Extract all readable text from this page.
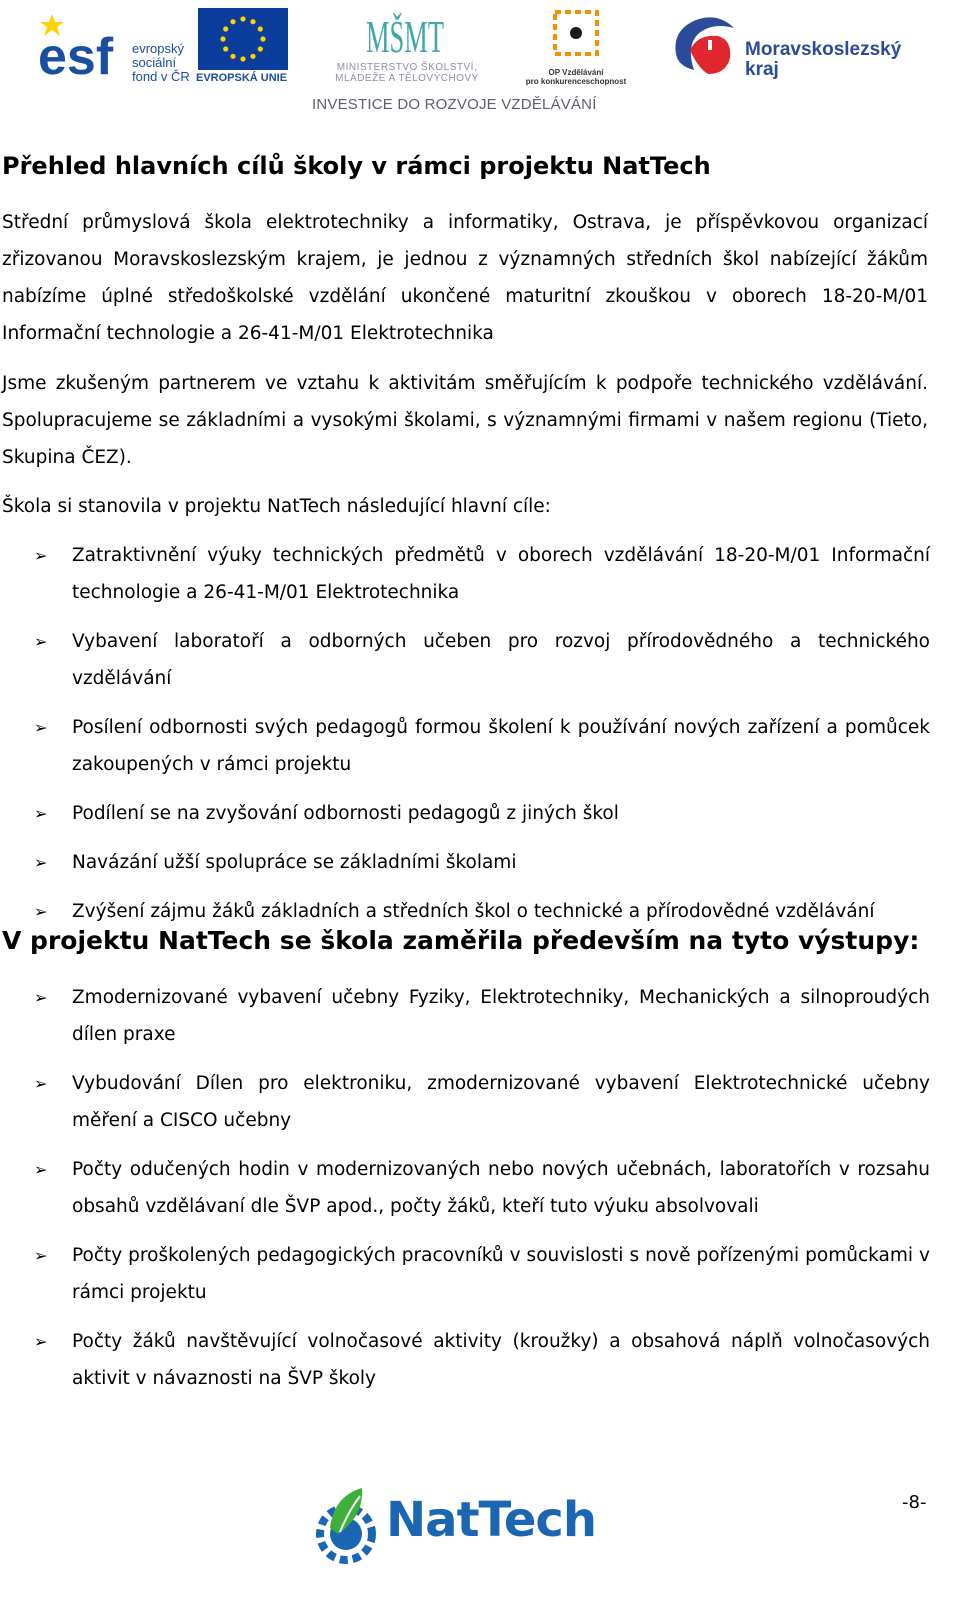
esf evropský
sociální
fond v ČR EVROPSKÁ UNIE
MŠMT
MINISTERSTVO ŠKOLSTVÍ,
MLÁDEŽE A TĚLOVÝCHOVY
OP Vzdělávání
pro konkurenceschopnost
Moravskoslezský
kraj
INVESTICE DO ROZVOJE VZDĚLÁVÁNÍ
Přehled hlavních cílů školy v rámci projektu NatTech
Střední průmyslová škola elektrotechniky a informatiky, Ostrava, je příspěvkovou organizací zřizovanou Moravskoslezským krajem, je jednou z významných středních škol nabízející žákům nabízíme úplné středoškolské vzdělání ukončené maturitní zkouškou v oborech 18-20-M/01 Informační technologie a 26-41-M/01 Elektrotechnika
Jsme zkušeným partnerem ve vztahu k aktivitám směřujícím k podpoře technického vzdělávání. Spolupracujeme se základními a vysokými školami, s významnými firmami v našem regionu (Tieto, Skupina ČEZ).
Škola si stanovila v projektu NatTech následující hlavní cíle:
➢ Zatraktivnění výuky technických předmětů v oborech vzdělávání 18-20-M/01 Informační technologie a 26-41-M/01 Elektrotechnika
➢ Vybavení laboratoří a odborných učeben pro rozvoj přírodovědného a technického vzdělávání
➢ Posílení odbornosti svých pedagogů formou školení k používání nových zařízení a pomůcek zakoupených v rámci projektu
➢ Podílení se na zvyšování odbornosti pedagogů z jiných škol
➢ Navázání užší spolupráce se základními školami
➢ Zvýšení zájmu žáků základních a středních škol o technické a přírodovědné vzdělávání
V projektu NatTech se škola zaměřila především na tyto výstupy:
➢ Zmodernizované vybavení učebny Fyziky, Elektrotechniky, Mechanických a silnoproudých dílen praxe
➢ Vybudování Dílen pro elektroniku, zmodernizované vybavení Elektrotechnické učebny měření a CISCO učebny
➢ Počty odučených hodin v modernizovaných nebo nových učebnách, laboratořích v rozsahu obsahů vzdělávaní dle ŠVP apod., počty žáků, kteří tuto výuku absolvovali
➢ Počty proškolených pedagogických pracovníků v souvislosti s nově pořízenými pomůckami v rámci projektu
➢ Počty žáků navštěvující volnočasové aktivity (kroužky) a obsahová náplň volnočasových aktivit v návaznosti na ŠVP školy
NatTech	-8-
